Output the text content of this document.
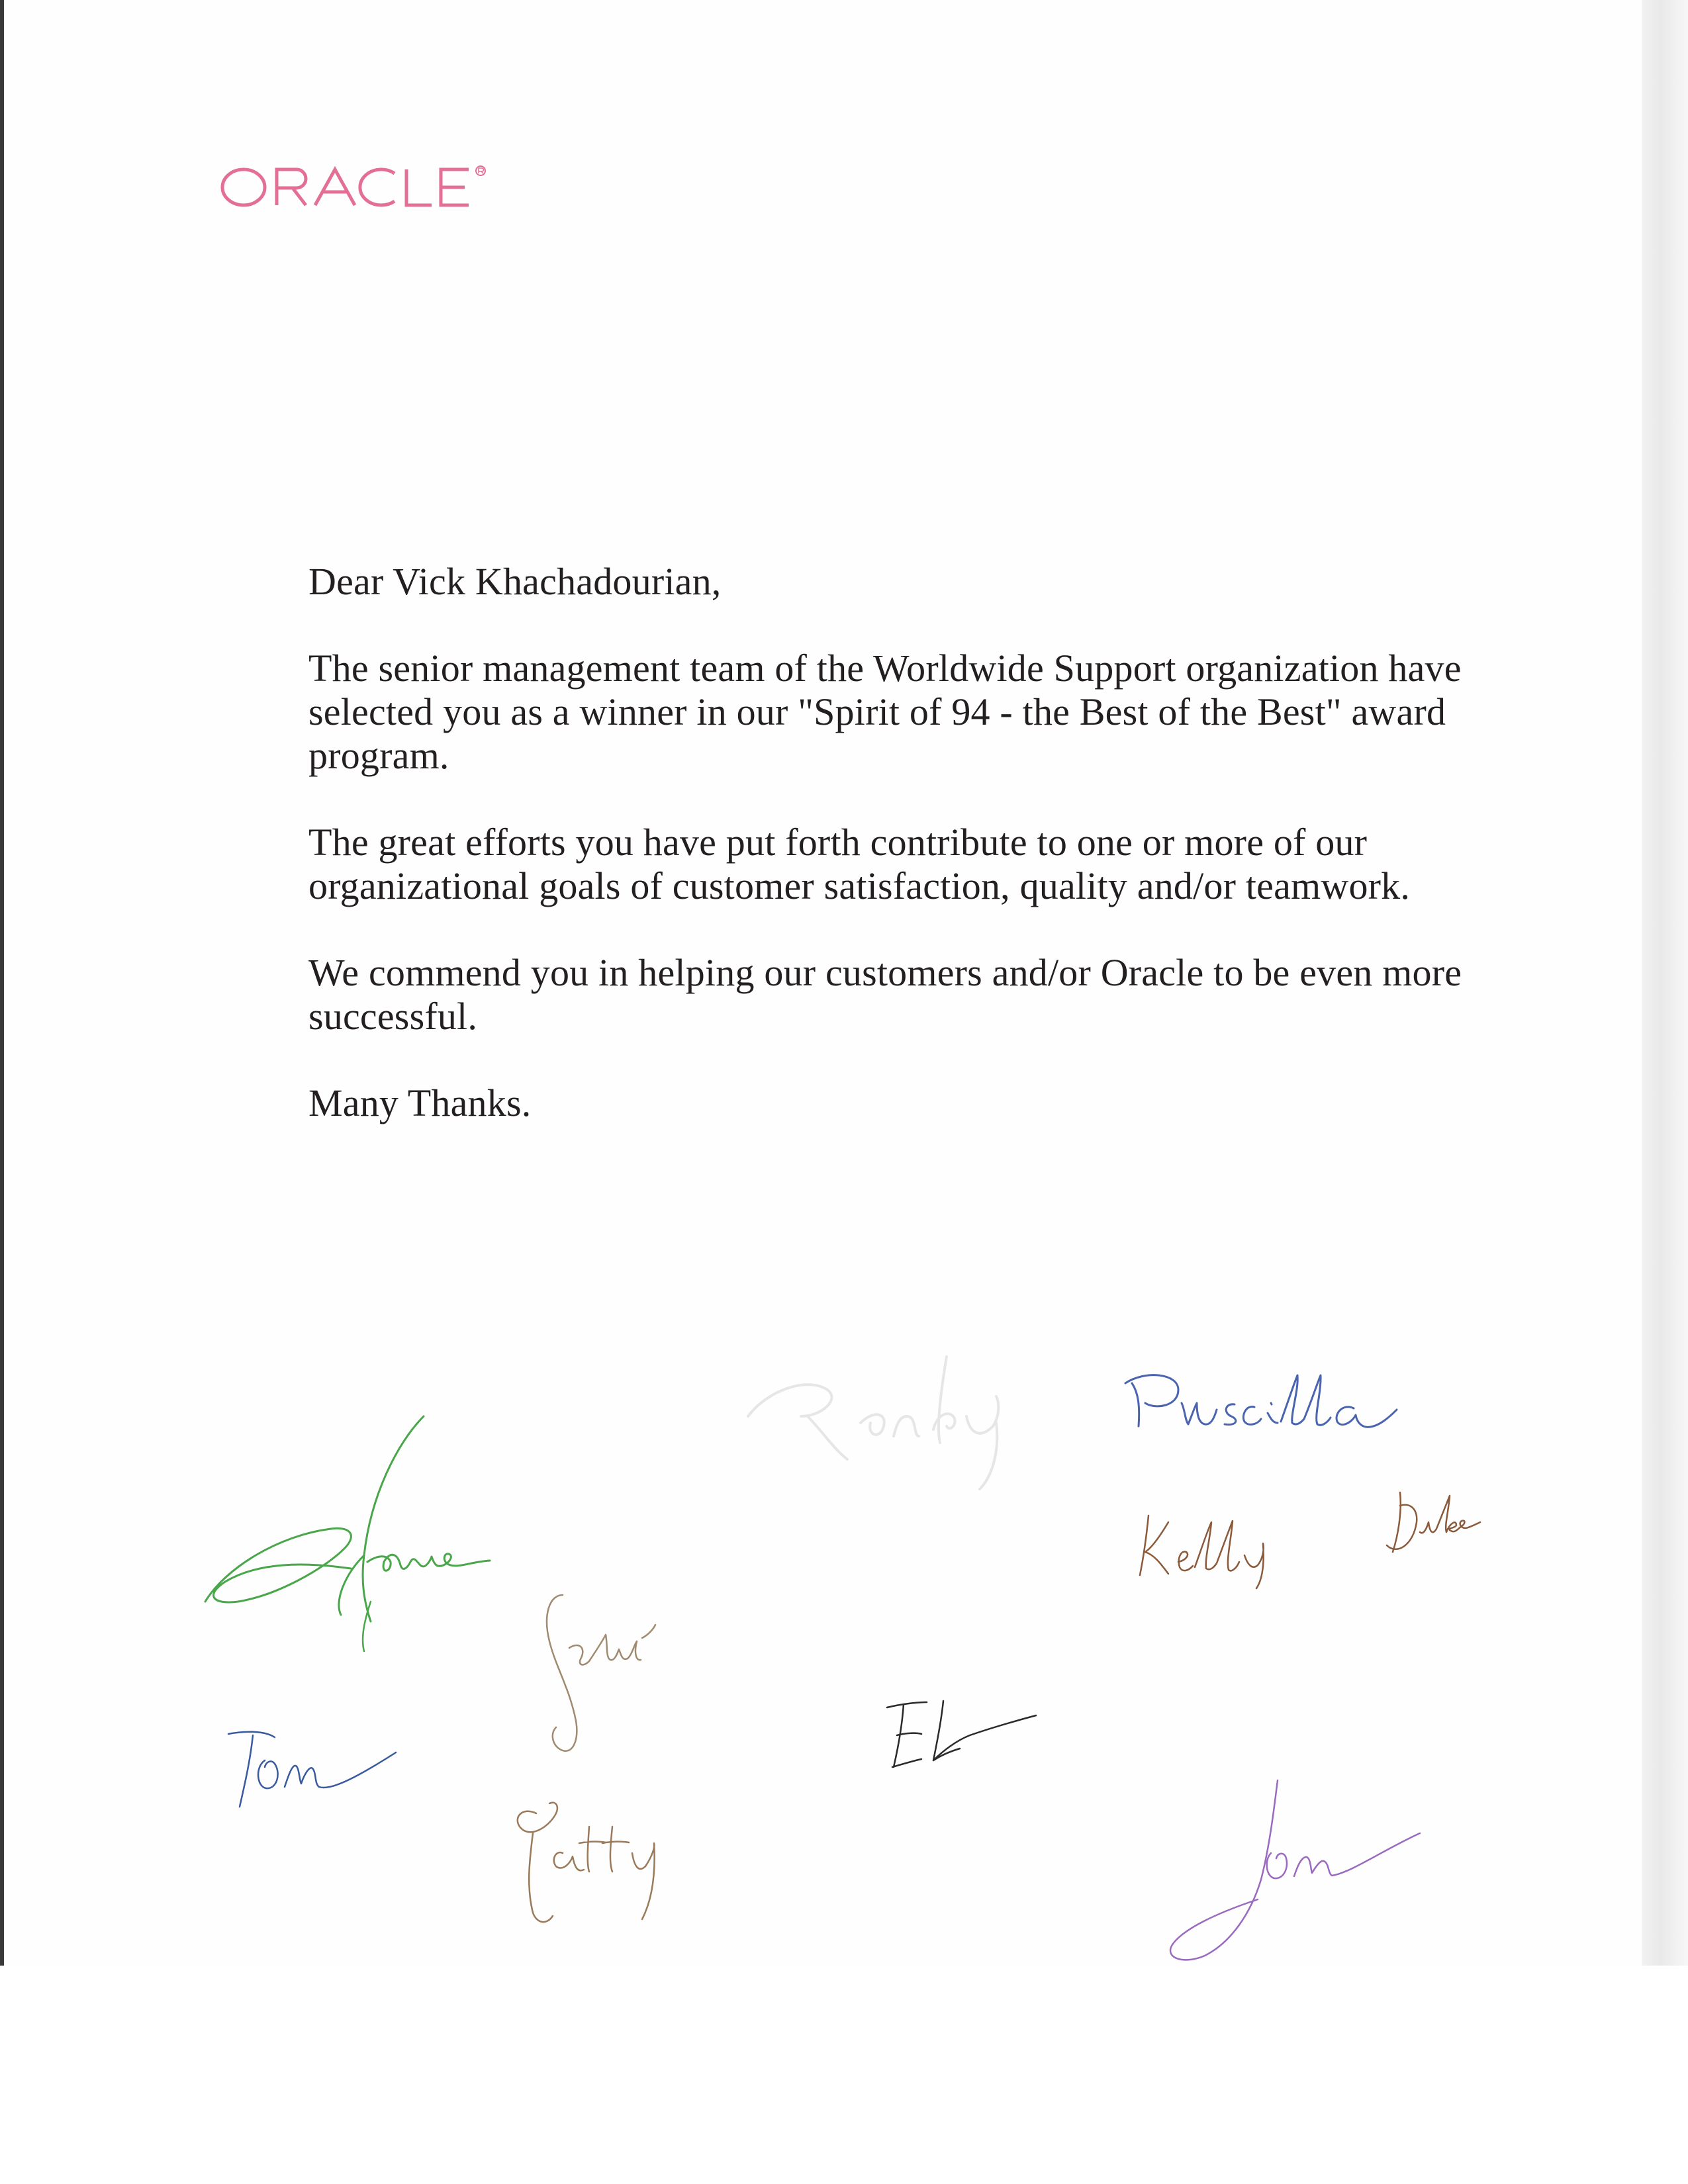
Dear Vick Khachadourian,

The senior management team of the Worldwide Support organization have selected you as a winner in our "Spirit of 94 - the Best of the Best" award program.

The great efforts you have put forth contribute to one or more of our organizational goals of customer satisfaction, quality and/or teamwork.

We commend you in helping our customers and/or Oracle to be even more successful.

Many Thanks.
